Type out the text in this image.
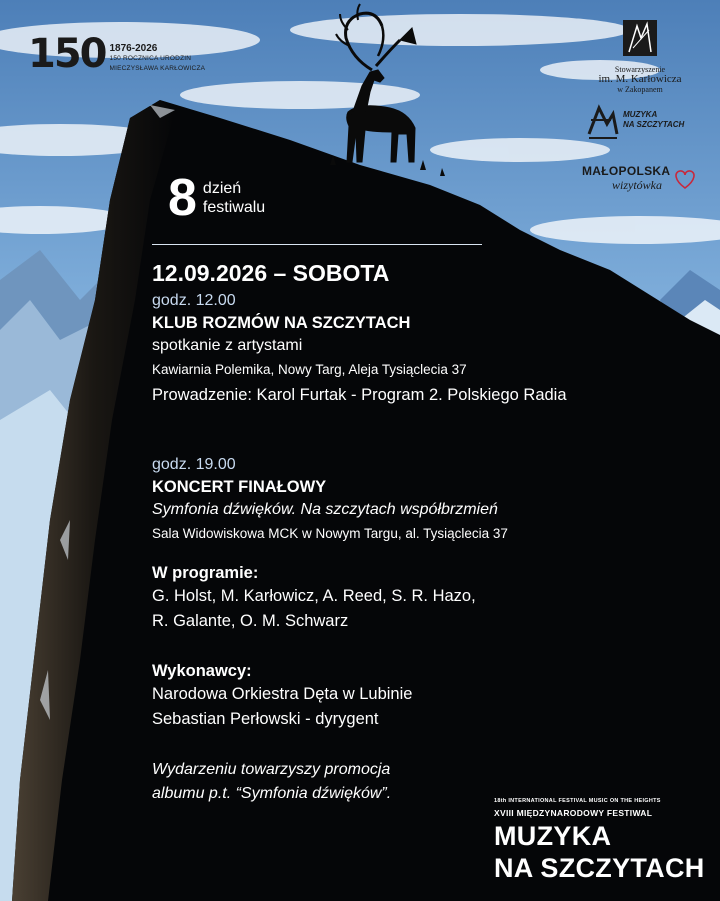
150 1876-2026
150 ROCZNICA URODZIN
MIECZYSŁAWA KARŁOWICZA	Stowarzyszenie
im. M. Karłowicza
w Zakopanem
MUZYKA
NA SZCZYTACH
MAŁOPOLSKA
wizytówka
8 dzień
festiwalu
12.09.2026 – SOBOTA
godz. 12.00
KLUB ROZMÓW NA SZCZYTACH
spotkanie z artystami
Kawiarnia Polemika, Nowy Targ, Aleja Tysiąclecia 37
Prowadzenie: Karol Furtak - Program 2. Polskiego Radia
godz. 19.00
KONCERT FINAŁOWY
Symfonia dźwięków. Na szczytach współbrzmień
Sala Widowiskowa MCK w Nowym Targu, al. Tysiąclecia 37
W programie:
G. Holst, M. Karłowicz, A. Reed, S. R. Hazo,
R. Galante, O. M. Schwarz
Wykonawcy:
Narodowa Orkiestra Dęta w Lubinie
Sebastian Perłowski - dyrygent
Wydarzeniu towarzyszy promocja
albumu p.t. “Symfonia dźwięków”.	18th INTERNATIONAL FESTIVAL MUSIC ON THE HEIGHTS
XVIII MIĘDZYNARODOWY FESTIWAL
MUZYKA
NA SZCZYTACH
